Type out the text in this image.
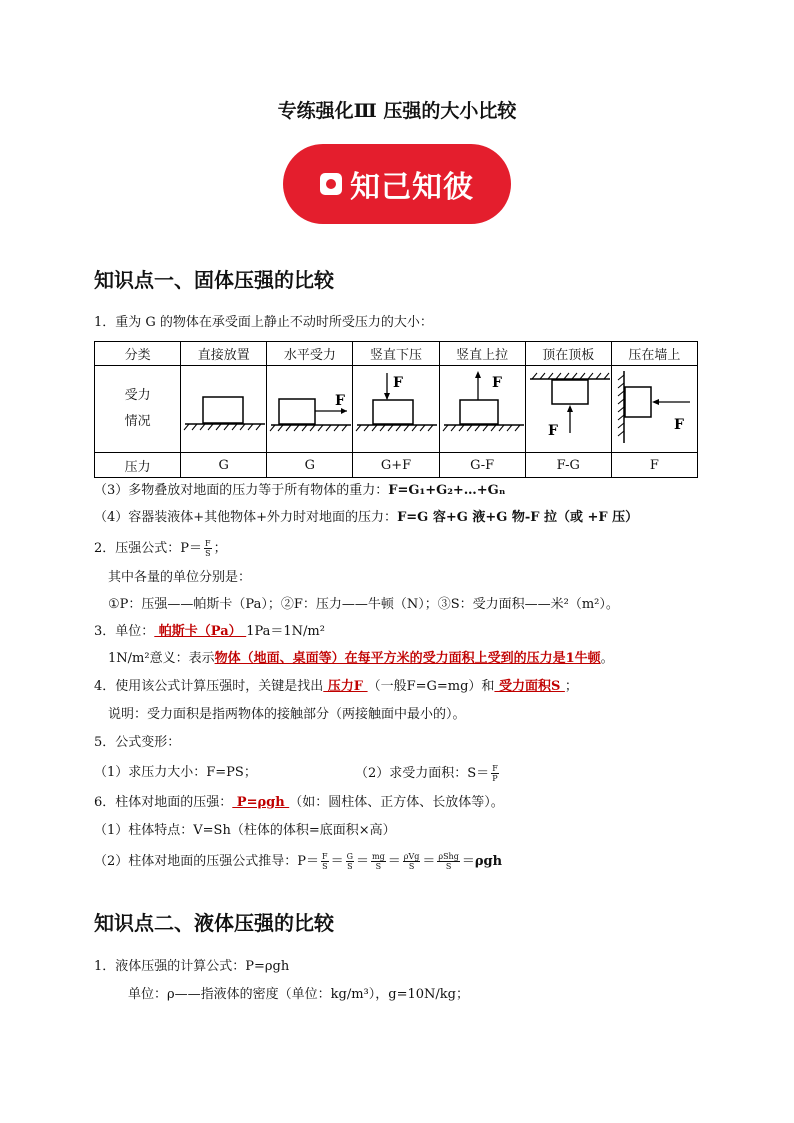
专练强化Ⅲ 压强的大小比较
知己知彼
知识点一、固体压强的比较
1．重为 G 的物体在承受面上静止不动时所受压力的大小：
分类	直接放置	水平受力	竖直下压	竖直上拉	顶在顶板	压在墙上

受力
情况		F	F	F	F	F

压力	G	G	G+F	G-F	F-G	F
（3）多物叠放对地面的压力等于所有物体的重力：F=G₁+G₂+…+Gₙ
（4）容器装液体+其他物体+外力时对地面的压力：F=G 容+G 液+G 物-F 拉（或 +F 压）
2．压强公式：$P= \frac{F}{S}$ ；
其中各量的单位分别是：
①P：压强——帕斯卡（Pa）；②F：压力——牛顿（N）；③S：受力面积——米²（m²）。
3．单位： 帕斯卡（Pa） 1Pa＝1N/m²
1N/m²意义：表示物体（地面、桌面等）在每平方米的受力面积上受到的压力是1牛顿。
4．使用该公式计算压强时，关键是找出 压力F （一般F=G=mg）和 受力面积S ；
说明：受力面积是指两物体的接触部分（两接触面中最小的）。
5．公式变形：
（1）求压力大小：F=PS；	（2）求受力面积：$S= \frac{F}{P}$
6．柱体对地面的压强： P=ρgh （如：圆柱体、正方体、长放体等）。
（1）柱体特点：V=Sh（柱体的体积=底面积×高）
（2）柱体对地面的压强公式推导：$P= \frac{F}{S} = \frac{G}{S} = \frac{mg}{S} = \frac{\text{ρVg}}{S} = \frac{\text{ρShg}}{S} =\rho gh$
知识点二、液体压强的比较
1．液体压强的计算公式：P=ρgh
单位：ρ——指液体的密度（单位：kg/m³），g=10N/kg；
